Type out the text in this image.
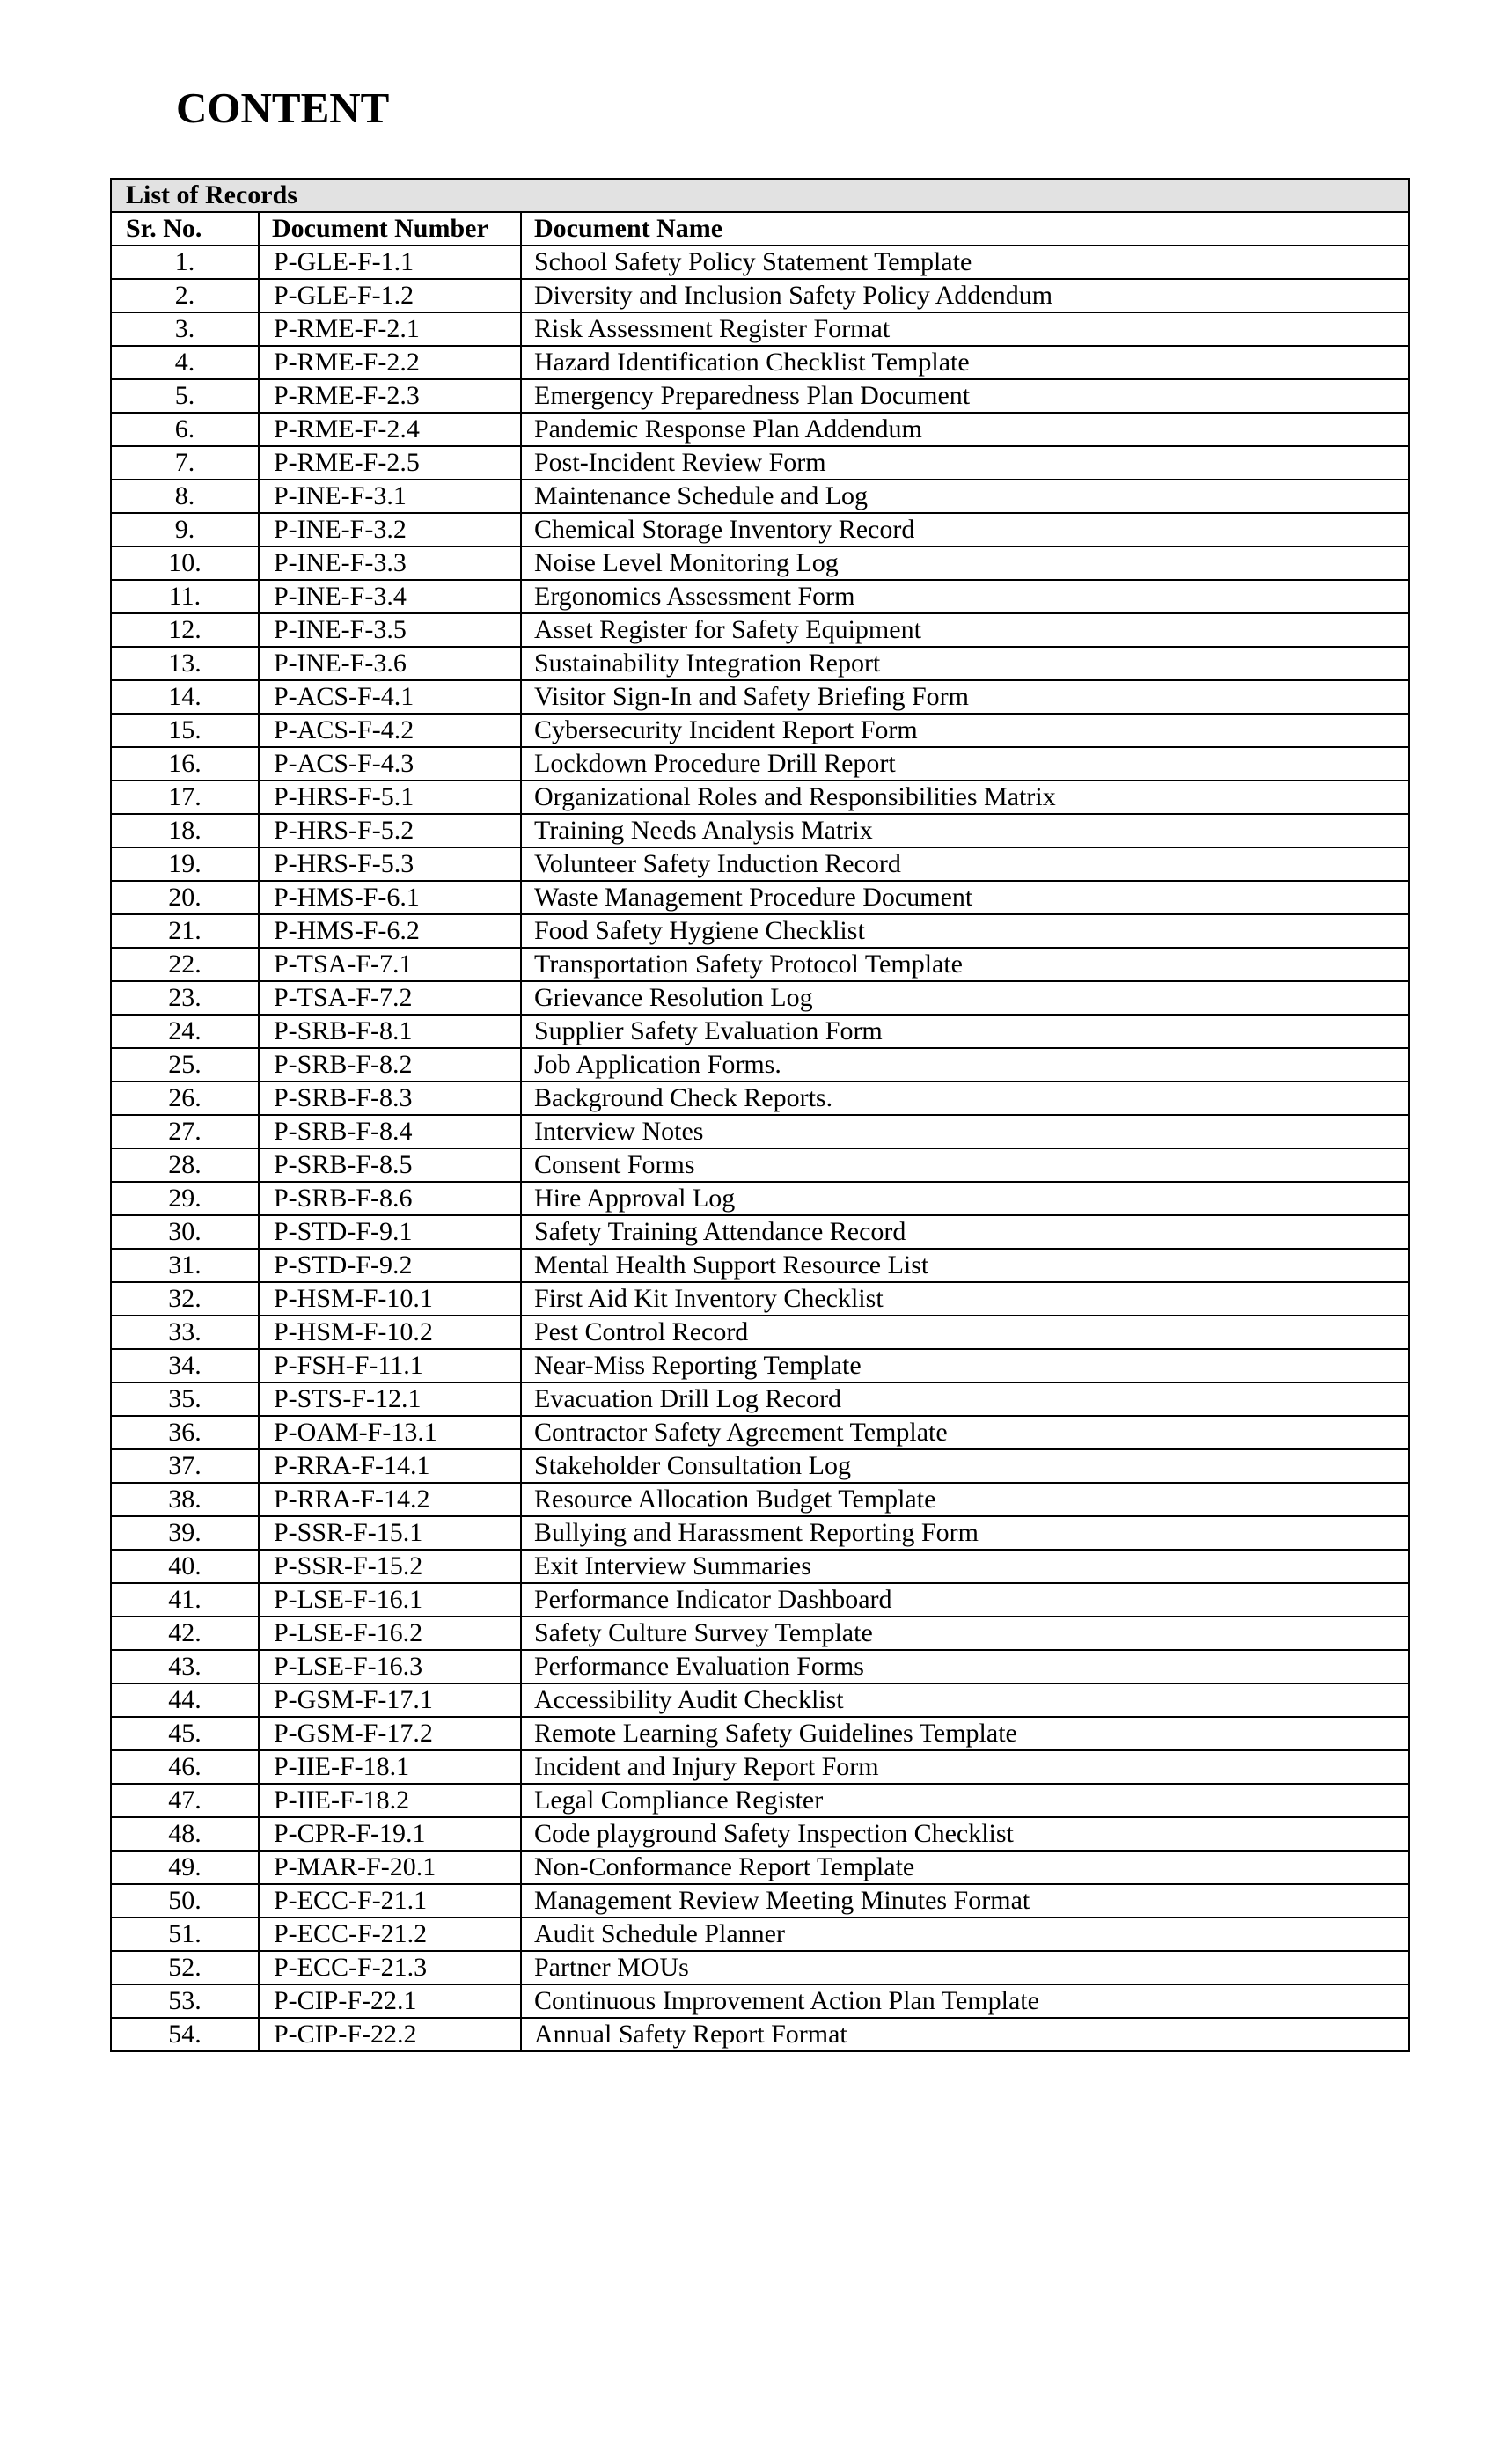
CONTENT
List of Records		
Sr. No.	Document Number	Document Name
1.	P-GLE-F-1.1	School Safety Policy Statement Template
2.	P-GLE-F-1.2	Diversity and Inclusion Safety Policy Addendum
3.	P-RME-F-2.1	Risk Assessment Register Format
4.	P-RME-F-2.2	Hazard Identification Checklist Template
5.	P-RME-F-2.3	Emergency Preparedness Plan Document
6.	P-RME-F-2.4	Pandemic Response Plan Addendum
7.	P-RME-F-2.5	Post-Incident Review Form
8.	P-INE-F-3.1	Maintenance Schedule and Log
9.	P-INE-F-3.2	Chemical Storage Inventory Record
10.	P-INE-F-3.3	Noise Level Monitoring Log
11.	P-INE-F-3.4	Ergonomics Assessment Form
12.	P-INE-F-3.5	Asset Register for Safety Equipment
13.	P-INE-F-3.6	Sustainability Integration Report
14.	P-ACS-F-4.1	Visitor Sign-In and Safety Briefing Form
15.	P-ACS-F-4.2	Cybersecurity Incident Report Form
16.	P-ACS-F-4.3	Lockdown Procedure Drill Report
17.	P-HRS-F-5.1	Organizational Roles and Responsibilities Matrix
18.	P-HRS-F-5.2	Training Needs Analysis Matrix
19.	P-HRS-F-5.3	Volunteer Safety Induction Record
20.	P-HMS-F-6.1	Waste Management Procedure Document
21.	P-HMS-F-6.2	Food Safety Hygiene Checklist
22.	P-TSA-F-7.1	Transportation Safety Protocol Template
23.	P-TSA-F-7.2	Grievance Resolution Log
24.	P-SRB-F-8.1	Supplier Safety Evaluation Form
25.	P-SRB-F-8.2	Job Application Forms.
26.	P-SRB-F-8.3	Background Check Reports.
27.	P-SRB-F-8.4	Interview Notes
28.	P-SRB-F-8.5	Consent Forms
29.	P-SRB-F-8.6	Hire Approval Log
30.	P-STD-F-9.1	Safety Training Attendance Record
31.	P-STD-F-9.2	Mental Health Support Resource List
32.	P-HSM-F-10.1	First Aid Kit Inventory Checklist
33.	P-HSM-F-10.2	Pest Control Record
34.	P-FSH-F-11.1	Near-Miss Reporting Template
35.	P-STS-F-12.1	Evacuation Drill Log Record
36.	P-OAM-F-13.1	Contractor Safety Agreement Template
37.	P-RRA-F-14.1	Stakeholder Consultation Log
38.	P-RRA-F-14.2	Resource Allocation Budget Template
39.	P-SSR-F-15.1	Bullying and Harassment Reporting Form
40.	P-SSR-F-15.2	Exit Interview Summaries
41.	P-LSE-F-16.1	Performance Indicator Dashboard
42.	P-LSE-F-16.2	Safety Culture Survey Template
43.	P-LSE-F-16.3	Performance Evaluation Forms
44.	P-GSM-F-17.1	Accessibility Audit Checklist
45.	P-GSM-F-17.2	Remote Learning Safety Guidelines Template
46.	P-IIE-F-18.1	Incident and Injury Report Form
47.	P-IIE-F-18.2	Legal Compliance Register
48.	P-CPR-F-19.1	Code playground Safety Inspection Checklist
49.	P-MAR-F-20.1	Non-Conformance Report Template
50.	P-ECC-F-21.1	Management Review Meeting Minutes Format
51.	P-ECC-F-21.2	Audit Schedule Planner
52.	P-ECC-F-21.3	Partner MOUs
53.	P-CIP-F-22.1	Continuous Improvement Action Plan Template
54.	P-CIP-F-22.2	Annual Safety Report Format
